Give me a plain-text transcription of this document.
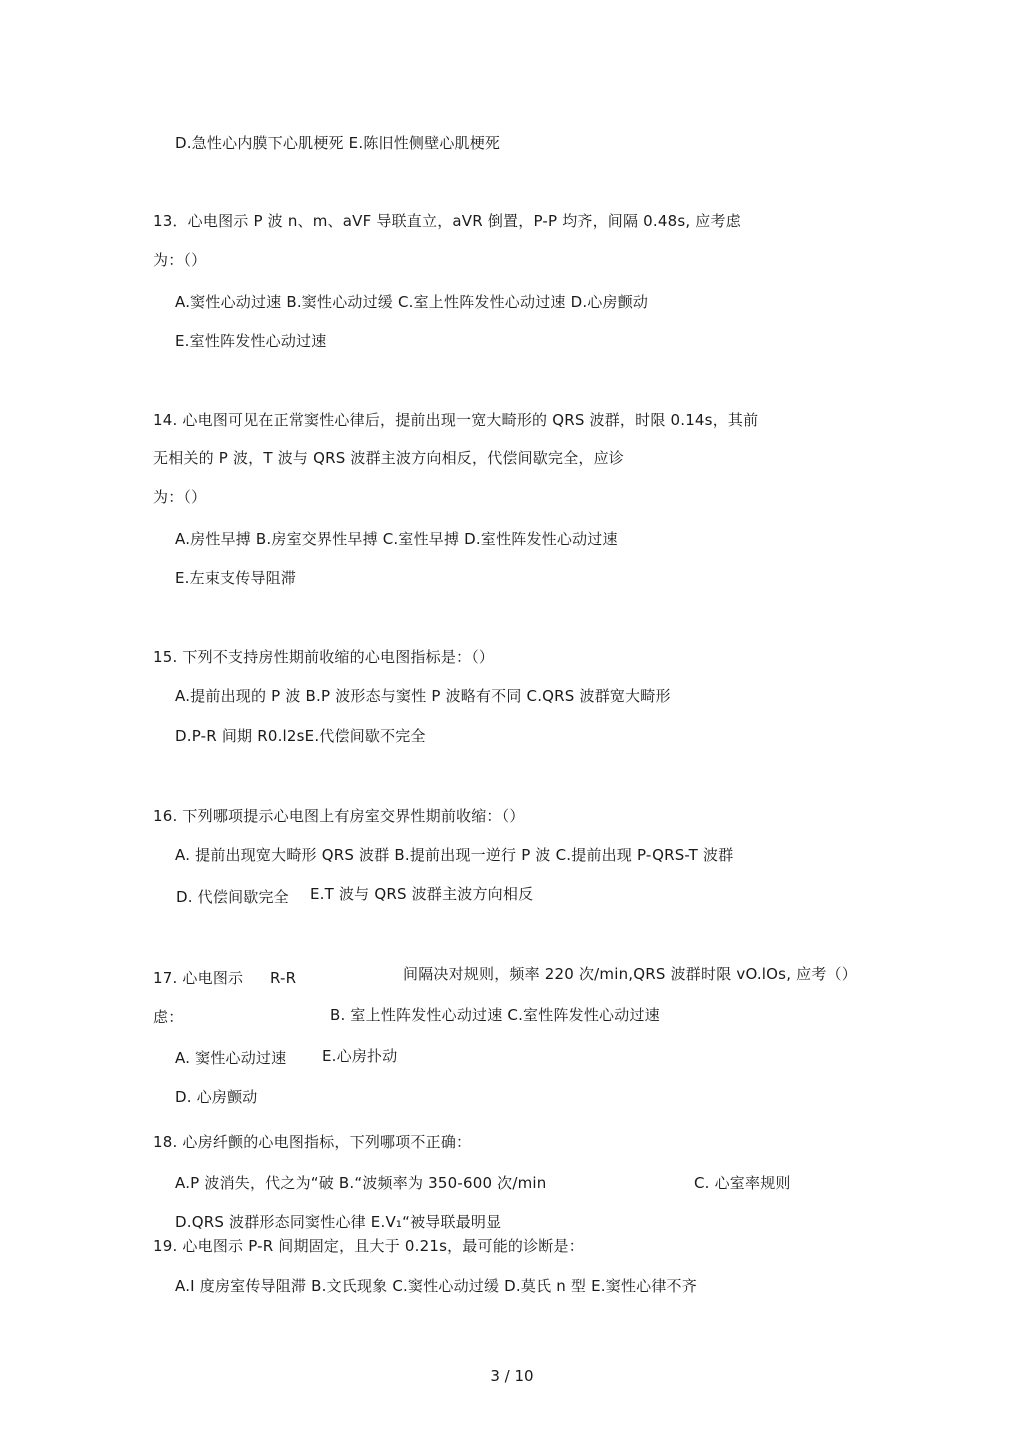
D.急性心内膜下心肌梗死 E.陈旧性侧壁心肌梗死
13．心电图示 P 波 n、m、aVF 导联直立，aVR 倒置，P-P 均齐，间隔 0.48s, 应考虑
为：（）
A.窦性心动过速 B.窦性心动过缓 C.室上性阵发性心动过速 D.心房颤动
E.室性阵发性心动过速
14. 心电图可见在正常窦性心律后，提前出现一宽大畸形的 QRS 波群，时限 0.14s，其前
无相关的 P 波，T 波与 QRS 波群主波方向相反，代偿间歇完全，应诊
为：（）
A.房性早搏 B.房室交界性早搏 C.室性早搏 D.室性阵发性心动过速
E.左束支传导阻滞
15. 下列不支持房性期前收缩的心电图指标是：（）
A.提前出现的 P 波 B.P 波形态与窦性 P 波略有不同 C.QRS 波群宽大畸形
D.P-R 间期 R0.l2sE.代偿间歇不完全
16. 下列哪项提示心电图上有房室交界性期前收缩：（）
A. 提前出现宽大畸形 QRS 波群 B.提前出现一逆行 P 波 C.提前出现 P-QRS-T 波群
D. 代偿间歇完全 E.T 波与 QRS 波群主波方向相反
17. 心电图示 R-R	间隔决对规则，频率 220 次/min,QRS 波群时限 vO.lOs, 应考（）
虑：	B. 室上性阵发性心动过速 C.室性阵发性心动过速
A. 窦性心动过速 E.心房扑动
D. 心房颤动
18. 心房纤颤的心电图指标，下列哪项不正确：
A.P 波消失，代之为“破 B.“波频率为 350-600 次/min	C. 心室率规则
D.QRS 波群形态同窦性心律 E.V₁“被导联最明显
19. 心电图示 P-R 间期固定，且大于 0.21s，最可能的诊断是：
A.I 度房室传导阻滞 B.文氏现象 C.窦性心动过缓 D.莫氏 n 型 E.窦性心律不齐
3 / 10
